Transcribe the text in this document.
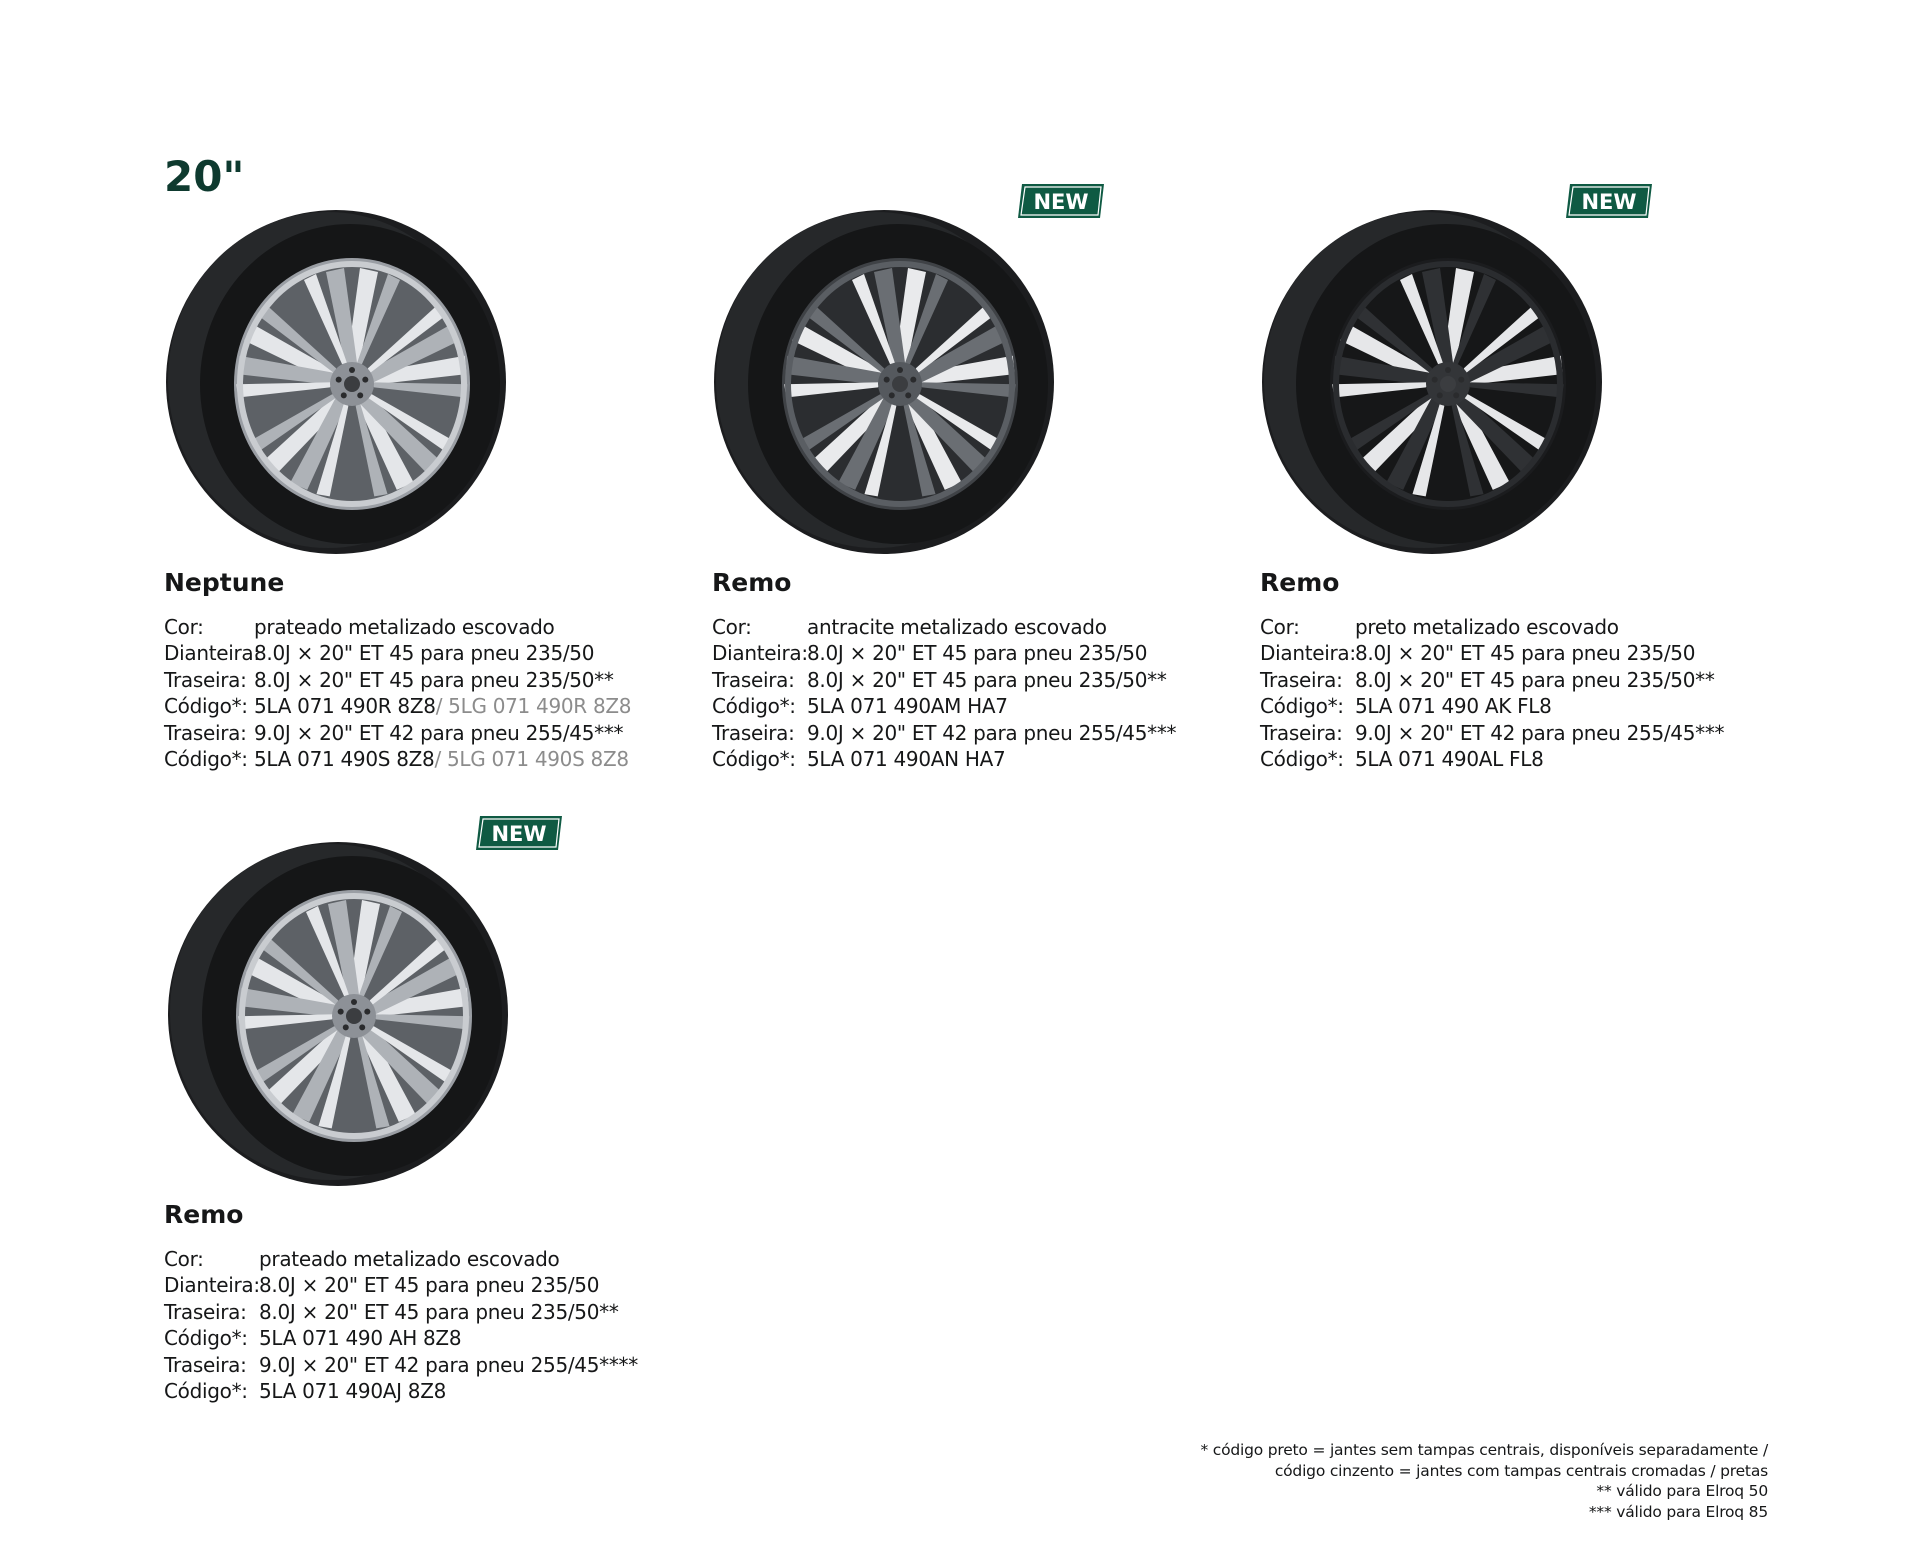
20"
Neptune
Cor:	prateado metalizado escovado
Dianteira:
8.0J × 20" ET 45 para pneu 235/50
Traseira: 8.0J × 20" ET 45 para pneu 235/50**
Código*: 5LA 071 490R 8Z8 / 5LG 071 490R 8Z8
Traseira: 9.0J × 20" ET 42 para pneu 255/45***
Código*: 5LA 071 490S 8Z8 / 5LG 071 490S 8Z8
NEW
Remo
Cor:	antracite metalizado escovado
Dianteira: 8.0J × 20" ET 45 para pneu 235/50
Traseira: 8.0J × 20" ET 45 para pneu 235/50**
Código*: 5LA 071 490AM HA7
Traseira: 9.0J × 20" ET 42 para pneu 255/45***
Código*: 5LA 071 490AN HA7
NEW
Remo
Cor:	preto metalizado escovado
Dianteira: 8.0J × 20" ET 45 para pneu 235/50
Traseira: 8.0J × 20" ET 45 para pneu 235/50**
Código*: 5LA 071 490 AK FL8
Traseira: 9.0J × 20" ET 42 para pneu 255/45***
Código*: 5LA 071 490AL FL8
NEW
Remo
Cor:	prateado metalizado escovado
Dianteira: 8.0J × 20" ET 45 para pneu 235/50
Traseira: 8.0J × 20" ET 45 para pneu 235/50**
Código*: 5LA 071 490 AH 8Z8
Traseira: 9.0J × 20" ET 42 para pneu 255/45****
Código*: 5LA 071 490AJ 8Z8
* código preto = jantes sem tampas centrais, disponíveis separadamente /
código cinzento = jantes com tampas centrais cromadas / pretas
** válido para Elroq 50
*** válido para Elroq 85
